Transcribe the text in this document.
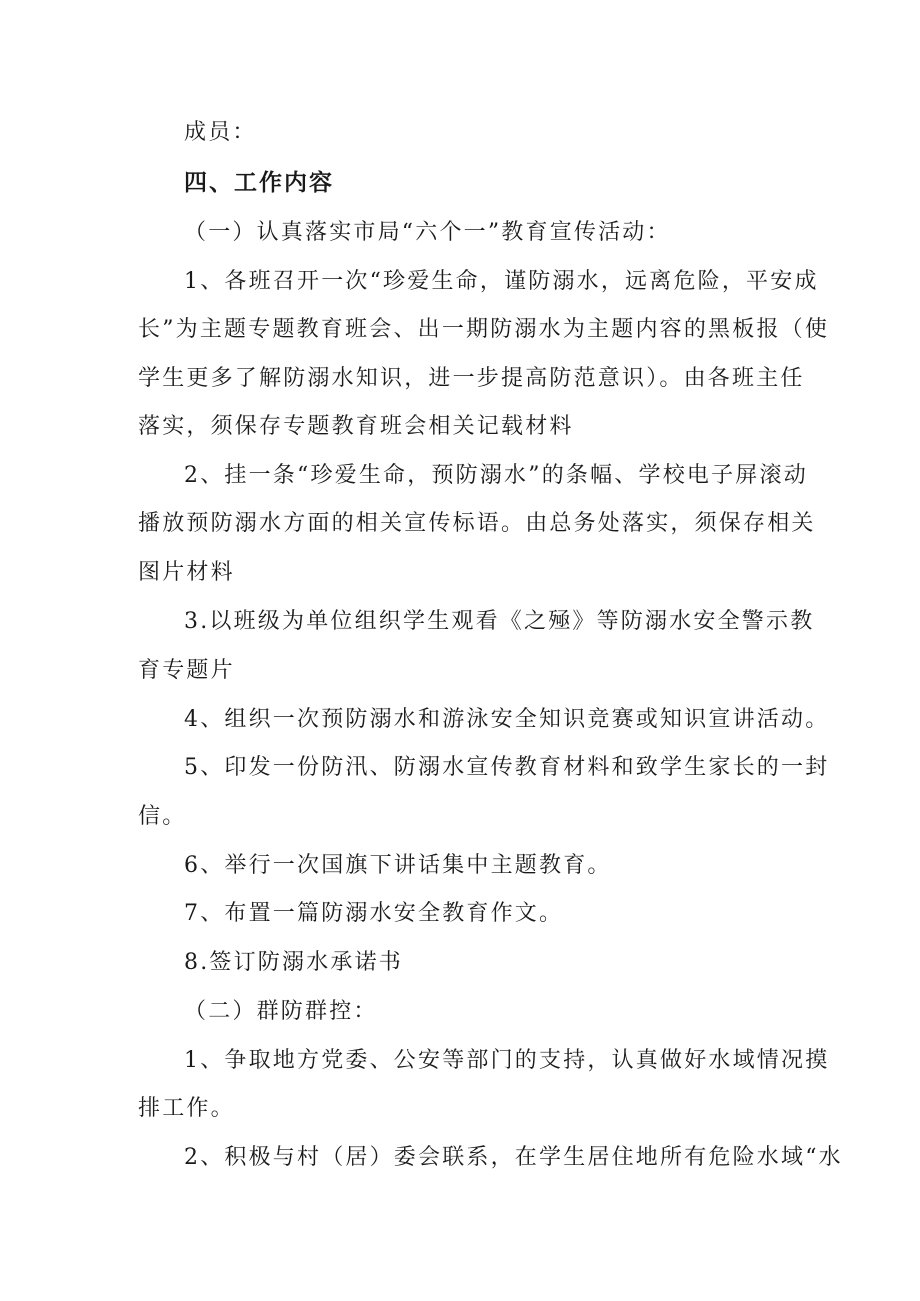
成员：
四、工作内容
（一）认真落实市局“六个一”教育宣传活动：
1、各班召开一次“珍爱生命，谨防溺水，远离危险，平安成
长”为主题专题教育班会、出一期防溺水为主题内容的黑板报（使
学生更多了解防溺水知识，进一步提高防范意识）。由各班主任
落实，须保存专题教育班会相关记载材料
2、挂一条“珍爱生命，预防溺水”的条幅、学校电子屏滚动
播放预防溺水方面的相关宣传标语。由总务处落实，须保存相关
图片材料
3.以班级为单位组织学生观看《之殛》等防溺水安全警示教
育专题片
4、组织一次预防溺水和游泳安全知识竞赛或知识宣讲活动。
5、印发一份防汛、防溺水宣传教育材料和致学生家长的一封
信。
6、举行一次国旗下讲话集中主题教育。
7、布置一篇防溺水安全教育作文。
8.签订防溺水承诺书
（二）群防群控：
1、争取地方党委、公安等部门的支持，认真做好水域情况摸
排工作。
2、积极与村（居）委会联系，在学生居住地所有危险水域“水
